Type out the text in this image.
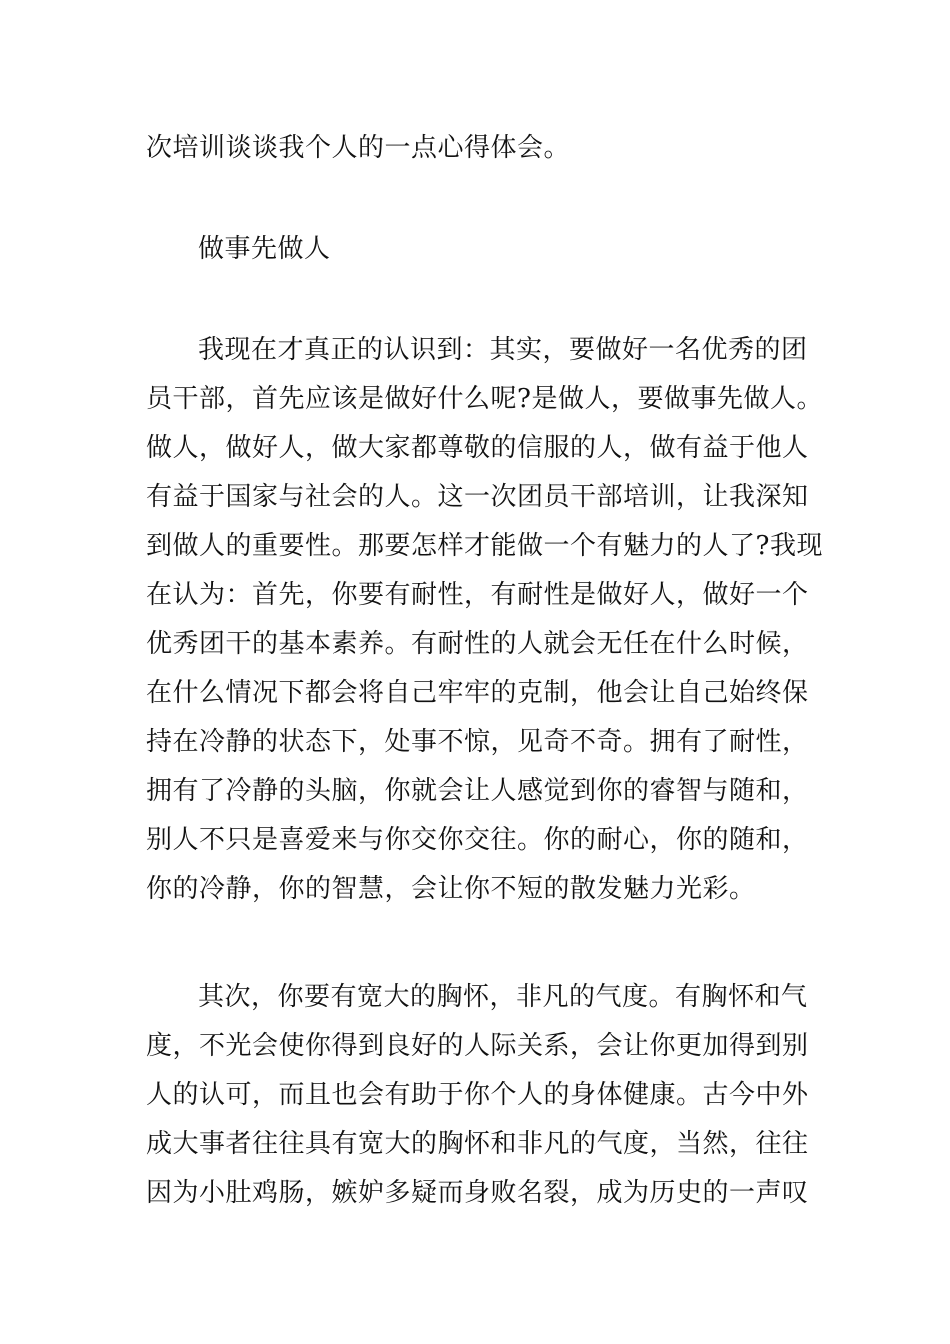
次培训谈谈我个人的一点心得体会。
做事先做人
我现在才真正的认识到：其实，要做好一名优秀的团
员干部，首先应该是做好什么呢?是做人，要做事先做人。
做人，做好人，做大家都尊敬的信服的人，做有益于他人
有益于国家与社会的人。这一次团员干部培训，让我深知
到做人的重要性。那要怎样才能做一个有魅力的人了?我现
在认为：首先，你要有耐性，有耐性是做好人，做好一个
优秀团干的基本素养。有耐性的人就会无任在什么时候，
在什么情况下都会将自己牢牢的克制，他会让自己始终保
持在冷静的状态下，处事不惊，见奇不奇。拥有了耐性，
拥有了冷静的头脑，你就会让人感觉到你的睿智与随和，
别人不只是喜爱来与你交你交往。你的耐心，你的随和，
你的冷静，你的智慧，会让你不短的散发魅力光彩。
其次，你要有宽大的胸怀，非凡的气度。有胸怀和气
度，不光会使你得到良好的人际关系，会让你更加得到别
人的认可，而且也会有助于你个人的身体健康。古今中外
成大事者往往具有宽大的胸怀和非凡的气度，当然，往往
因为小肚鸡肠，嫉妒多疑而身败名裂，成为历史的一声叹
